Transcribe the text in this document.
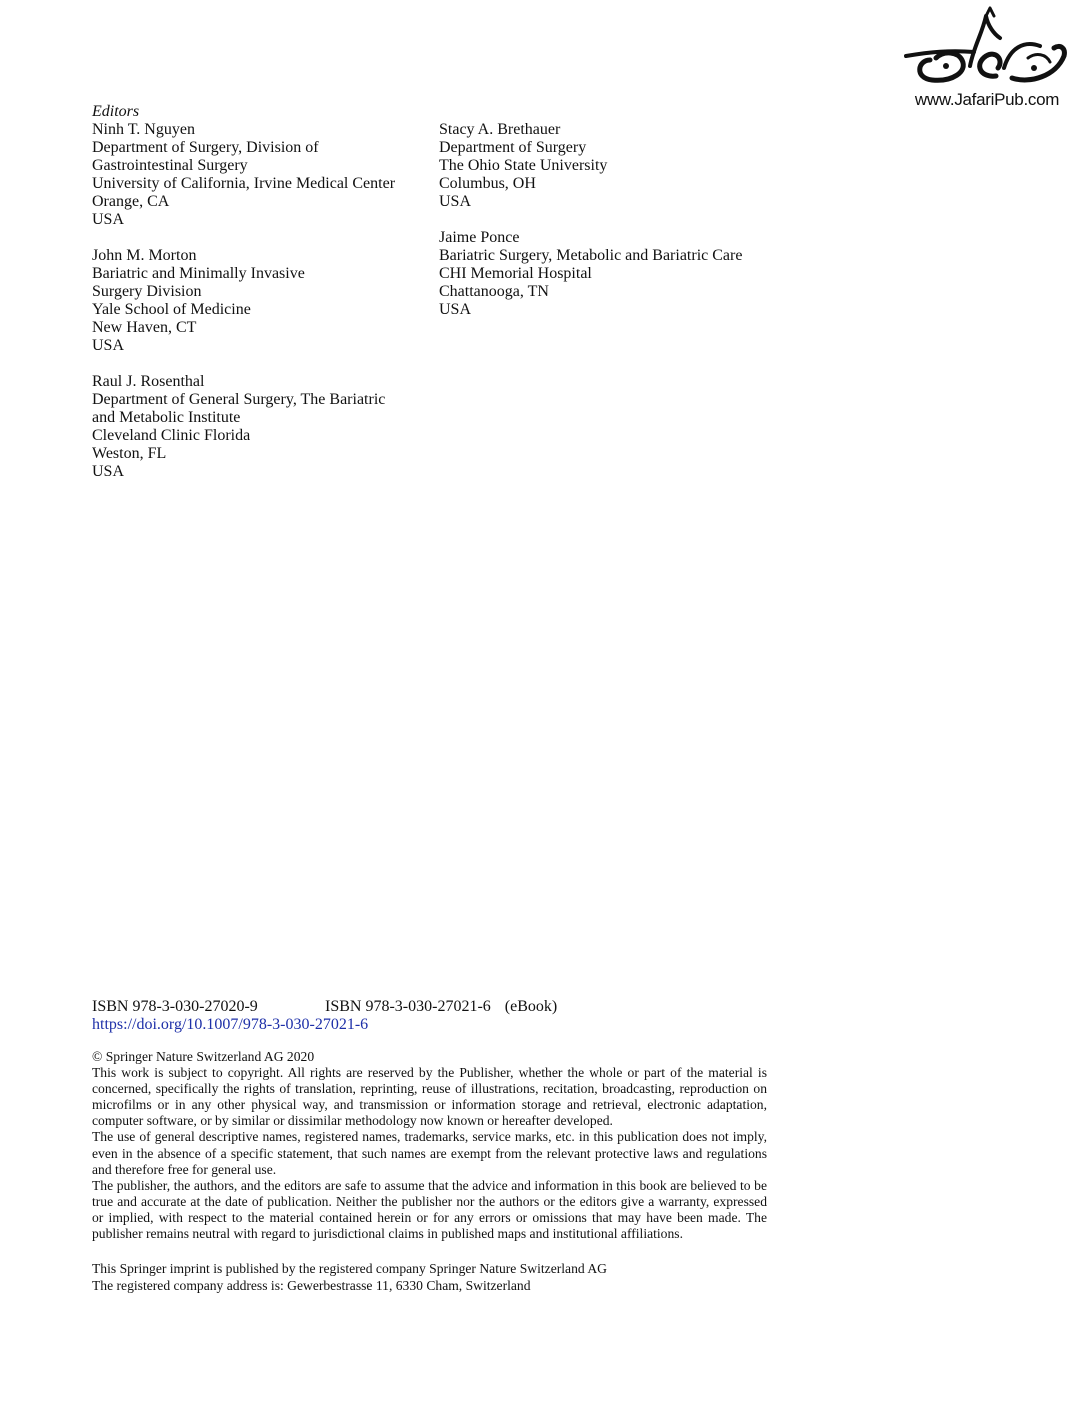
www.JafariPub.com
Editors
Ninh T. Nguyen
Department of Surgery, Division of
Gastrointestinal Surgery
University of California, Irvine Medical Center
Orange, CA
USA
John M. Morton
Bariatric and Minimally Invasive
Surgery Division
Yale School of Medicine
New Haven, CT
USA
Raul J. Rosenthal
Department of General Surgery, The Bariatric
and Metabolic Institute
Cleveland Clinic Florida
Weston, FL
USA
Stacy A. Brethauer
Department of Surgery
The Ohio State University
Columbus, OH
USA
Jaime Ponce
Bariatric Surgery, Metabolic and Bariatric Care
CHI Memorial Hospital
Chattanooga, TN
USA
ISBN 978-3-030-27020-9	ISBN 978-3-030-27021-6 (eBook)
https://doi.org/10.1007/978-3-030-27021-6

© Springer Nature Switzerland AG 2020

This work is subject to copyright. All rights are reserved by the Publisher, whether the whole or part of the material is concerned, specifically the rights of translation, reprinting, reuse of illustrations, recitation, broadcasting, reproduction on microfilms or in any other physical way, and transmission or information storage and retrieval, electronic adaptation, computer software, or by similar or dissimilar methodology now known or hereafter developed.

The use of general descriptive names, registered names, trademarks, service marks, etc. in this publication does not imply, even in the absence of a specific statement, that such names are exempt from the relevant protective laws and regulations and therefore free for general use.

The publisher, the authors, and the editors are safe to assume that the advice and information in this book are believed to be true and accurate at the date of publication. Neither the publisher nor the authors or the editors give a warranty, expressed or implied, with respect to the material contained herein or for any errors or omissions that may have been made. The publisher remains neutral with regard to jurisdictional claims in published maps and institutional affiliations.

This Springer imprint is published by the registered company Springer Nature Switzerland AG

The registered company address is: Gewerbestrasse 11, 6330 Cham, Switzerland
